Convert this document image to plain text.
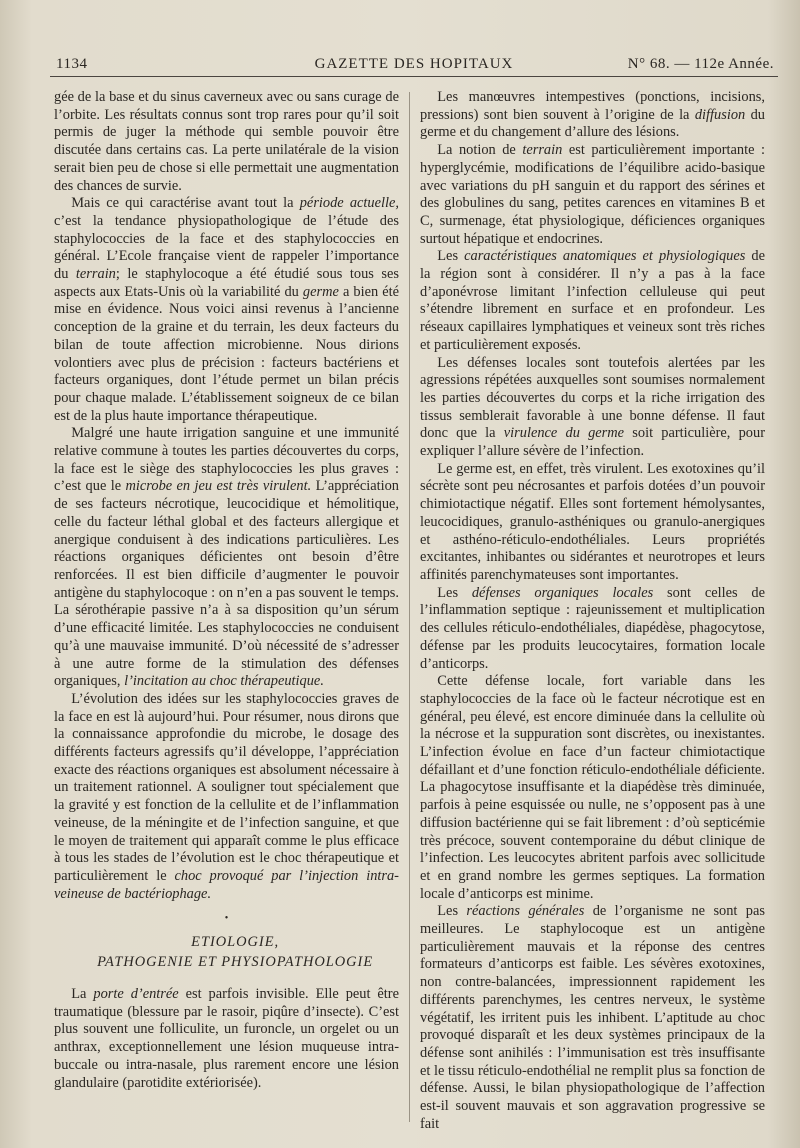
1134	GAZETTE DES HOPITAUX	N° 68. — 112e Année.

gée de la base et du sinus caverneux avec ou sans curage de l’orbite. Les résultats connus sont trop rares pour qu’il soit permis de juger la méthode qui semble pouvoir être discutée dans certains cas. La perte unilatérale de la vision serait bien peu de chose si elle permettait une augmentation des chances de survie.

Mais ce qui caractérise avant tout la période actuelle, c’est la tendance physiopathologique de l’étude des staphylococcies de la face et des staphylococcies en général. L’Ecole française vient de rappeler l’importance du terrain; le staphylocoque a été étudié sous tous ses aspects aux Etats-Unis où la variabilité du germe a bien été mise en évidence. Nous voici ainsi revenus à l’ancienne conception de la graine et du terrain, les deux facteurs du bilan de toute affection microbienne. Nous dirions volontiers avec plus de précision : facteurs bactériens et facteurs organiques, dont l’étude permet un bilan précis pour chaque malade. L’établissement soigneux de ce bilan est de la plus haute importance thérapeutique.

Malgré une haute irrigation sanguine et une immunité relative commune à toutes les parties découvertes du corps, la face est le siège des staphylococcies les plus graves : c’est que le microbe en jeu est très virulent. L’appréciation de ses facteurs nécrotique, leucocidique et hémolitique, celle du facteur léthal global et des facteurs allergique et anergique conduisent à des indications particulières. Les réactions organiques déficientes ont besoin d’être renforcées. Il est bien difficile d’augmenter le pouvoir antigène du staphylocoque : on n’en a pas souvent le temps. La sérothérapie passive n’a à sa disposition qu’un sérum d’une efficacité limitée. Les staphylococcies ne conduisent qu’à une mauvaise immunité. D’où nécessité de s’adresser à une autre forme de la stimulation des défenses organiques, l’incitation au choc thérapeutique.

L’évolution des idées sur les staphylococcies graves de la face en est là aujourd’hui. Pour résumer, nous dirons que la connaissance approfondie du microbe, le dosage des différents facteurs agressifs qu’il développe, l’appréciation exacte des réactions organiques est absolument nécessaire à un traitement rationnel. A souligner tout spécialement que la gravité y est fonction de la cellulite et de l’inflammation veineuse, de la méningite et de l’infection sanguine, et que le moyen de traitement qui apparaît comme le plus efficace à tous les stades de l’évolution est le choc thérapeutique et particulièrement le choc provoqué par l’injection intra-veineuse de bactériophage.

•

ETIOLOGIE,

PATHOGENIE ET PHYSIOPATHOLOGIE

La porte d’entrée est parfois invisible. Elle peut être traumatique (blessure par le rasoir, piqûre d’insecte). C’est plus souvent une folliculite, un furoncle, un orgelet ou un anthrax, exceptionnellement une lésion muqueuse intra-buccale ou intra-nasale, plus rarement encore une lésion glandulaire (parotidite extériorisée).

Les manœuvres intempestives (ponctions, incisions, pressions) sont bien souvent à l’origine de la diffusion du germe et du changement d’allure des lésions.

La notion de terrain est particulièrement importante : hyperglycémie, modifications de l’équilibre acido-basique avec variations du pH sanguin et du rapport des sérines et des globulines du sang, petites carences en vitamines B et C, surmenage, état physiologique, déficiences organiques surtout hépatique et endocrines.

Les caractéristiques anatomiques et physiologiques de la région sont à considérer. Il n’y a pas à la face d’aponévrose limitant l’infection celluleuse qui peut s’étendre librement en surface et en profondeur. Les réseaux capillaires lymphatiques et veineux sont très riches et particulièrement exposés.

Les défenses locales sont toutefois alertées par les agressions répétées auxquelles sont soumises normalement les parties découvertes du corps et la riche irrigation des tissus semblerait favorable à une bonne défense. Il faut donc que la virulence du germe soit particulière, pour expliquer l’allure sévère de l’infection.

Le germe est, en effet, très virulent. Les exotoxines qu’il sécrète sont peu nécrosantes et parfois dotées d’un pouvoir chimiotactique négatif. Elles sont fortement hémolysantes, leucocidiques, granulo-asthéniques ou granulo-anergiques et asthéno-réticulo-endothéliales. Leurs propriétés excitantes, inhibantes ou sidérantes et neurotropes et leurs affinités parenchymateuses sont importantes.

Les défenses organiques locales sont celles de l’inflammation septique : rajeunissement et multiplication des cellules réticulo-endothéliales, diapédèse, phagocytose, défense par les produits leucocytaires, formation locale d’anticorps.

Cette défense locale, fort variable dans les staphylococcies de la face où le facteur nécrotique est en général, peu élevé, est encore diminuée dans la cellulite où la nécrose et la suppuration sont discrètes, ou inexistantes. L’infection évolue en face d’un facteur chimiotactique défaillant et d’une fonction réticulo-endothéliale déficiente. La phagocytose insuffisante et la diapédèse très diminuée, parfois à peine esquissée ou nulle, ne s’opposent pas à une diffusion bactérienne qui se fait librement : d’où septicémie très précoce, souvent contemporaine du début clinique de l’infection. Les leucocytes abritent parfois avec sollicitude et en grand nombre les germes septiques. La formation locale d’anticorps est minime.

Les réactions générales de l’organisme ne sont pas meilleures. Le staphylocoque est un antigène particulièrement mauvais et la réponse des centres formateurs d’anticorps est faible. Les sévères exotoxines, non contre-balancées, impressionnent rapidement les différents parenchymes, les centres nerveux, le système végétatif, les irritent puis les inhibent. L’aptitude au choc provoqué disparaît et les deux systèmes principaux de la défense sont anihilés : l’immunisation est très insuffisante et le tissu réticulo-endothélial ne remplit plus sa fonction de défense. Aussi, le bilan physiopathologique de l’affection est-il souvent mauvais et son aggravation progressive se fait
